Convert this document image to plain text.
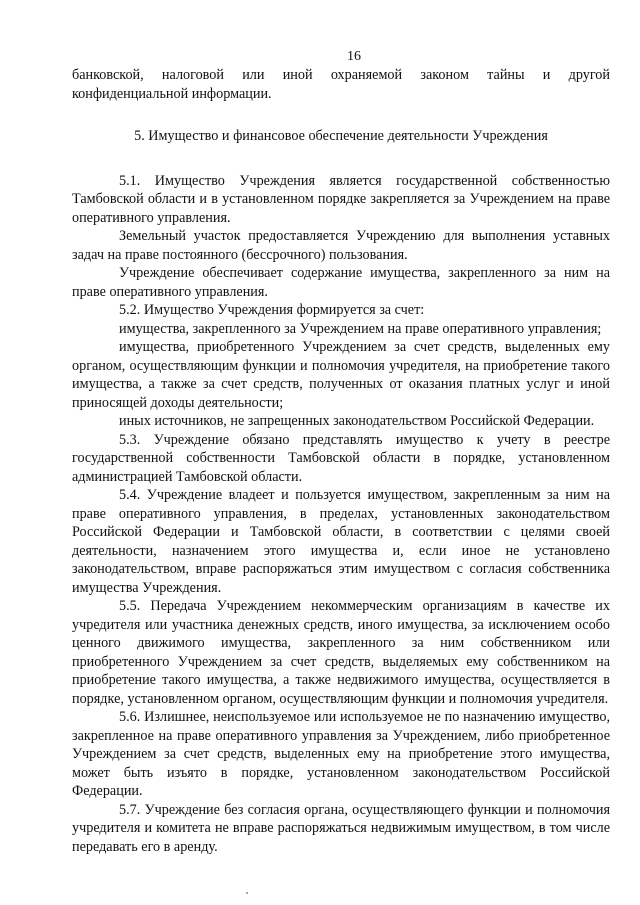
16

банковской, налоговой или иной охраняемой законом тайны и другой конфиденциальной информации.

5. Имущество и финансовое обеспечение деятельности Учреждения

5.1. Имущество Учреждения является государственной собственностью Тамбовской области и в установленном порядке закрепляется за Учреждением на праве оперативного управления.

Земельный участок предоставляется Учреждению для выполнения уставных задач на праве постоянного (бессрочного) пользования.

Учреждение обеспечивает содержание имущества, закрепленного за ним на праве оперативного управления.

5.2. Имущество Учреждения формируется за счет:

имущества, закрепленного за Учреждением на праве оперативного управления;

имущества, приобретенного Учреждением за счет средств, выделенных ему органом, осуществляющим функции и полномочия учредителя, на приобретение такого имущества, а также за счет средств, полученных от оказания платных услуг и иной приносящей доходы деятельности;

иных источников, не запрещенных законодательством Российской Федерации.

5.3. Учреждение обязано представлять имущество к учету в реестре государственной собственности Тамбовской области в порядке, установленном администрацией Тамбовской области.

5.4. Учреждение владеет и пользуется имуществом, закрепленным за ним на праве оперативного управления, в пределах, установленных законодательством Российской Федерации и Тамбовской области, в соответствии с целями своей деятельности, назначением этого имущества и, если иное не установлено законодательством, вправе распоряжаться этим имуществом с согласия собственника имущества Учреждения.

5.5. Передача Учреждением некоммерческим организациям в качестве их учредителя или участника денежных средств, иного имущества, за исключением особо ценного движимого имущества, закрепленного за ним собственником или приобретенного Учреждением за счет средств, выделяемых ему собственником на приобретение такого имущества, а также недвижимого имущества, осуществляется в порядке, установленном органом, осуществляющим функции и полномочия учредителя.

5.6. Излишнее, неиспользуемое или используемое не по назначению имущество, закрепленное на праве оперативного управления за Учреждением, либо приобретенное Учреждением за счет средств, выделенных ему на приобретение этого имущества, может быть изъято в порядке, установленном законодательством Российской Федерации.

5.7. Учреждение без согласия органа, осуществляющего функции и полномочия учредителя и комитета не вправе распоряжаться недвижимым имуществом, в том числе передавать его в аренду.
